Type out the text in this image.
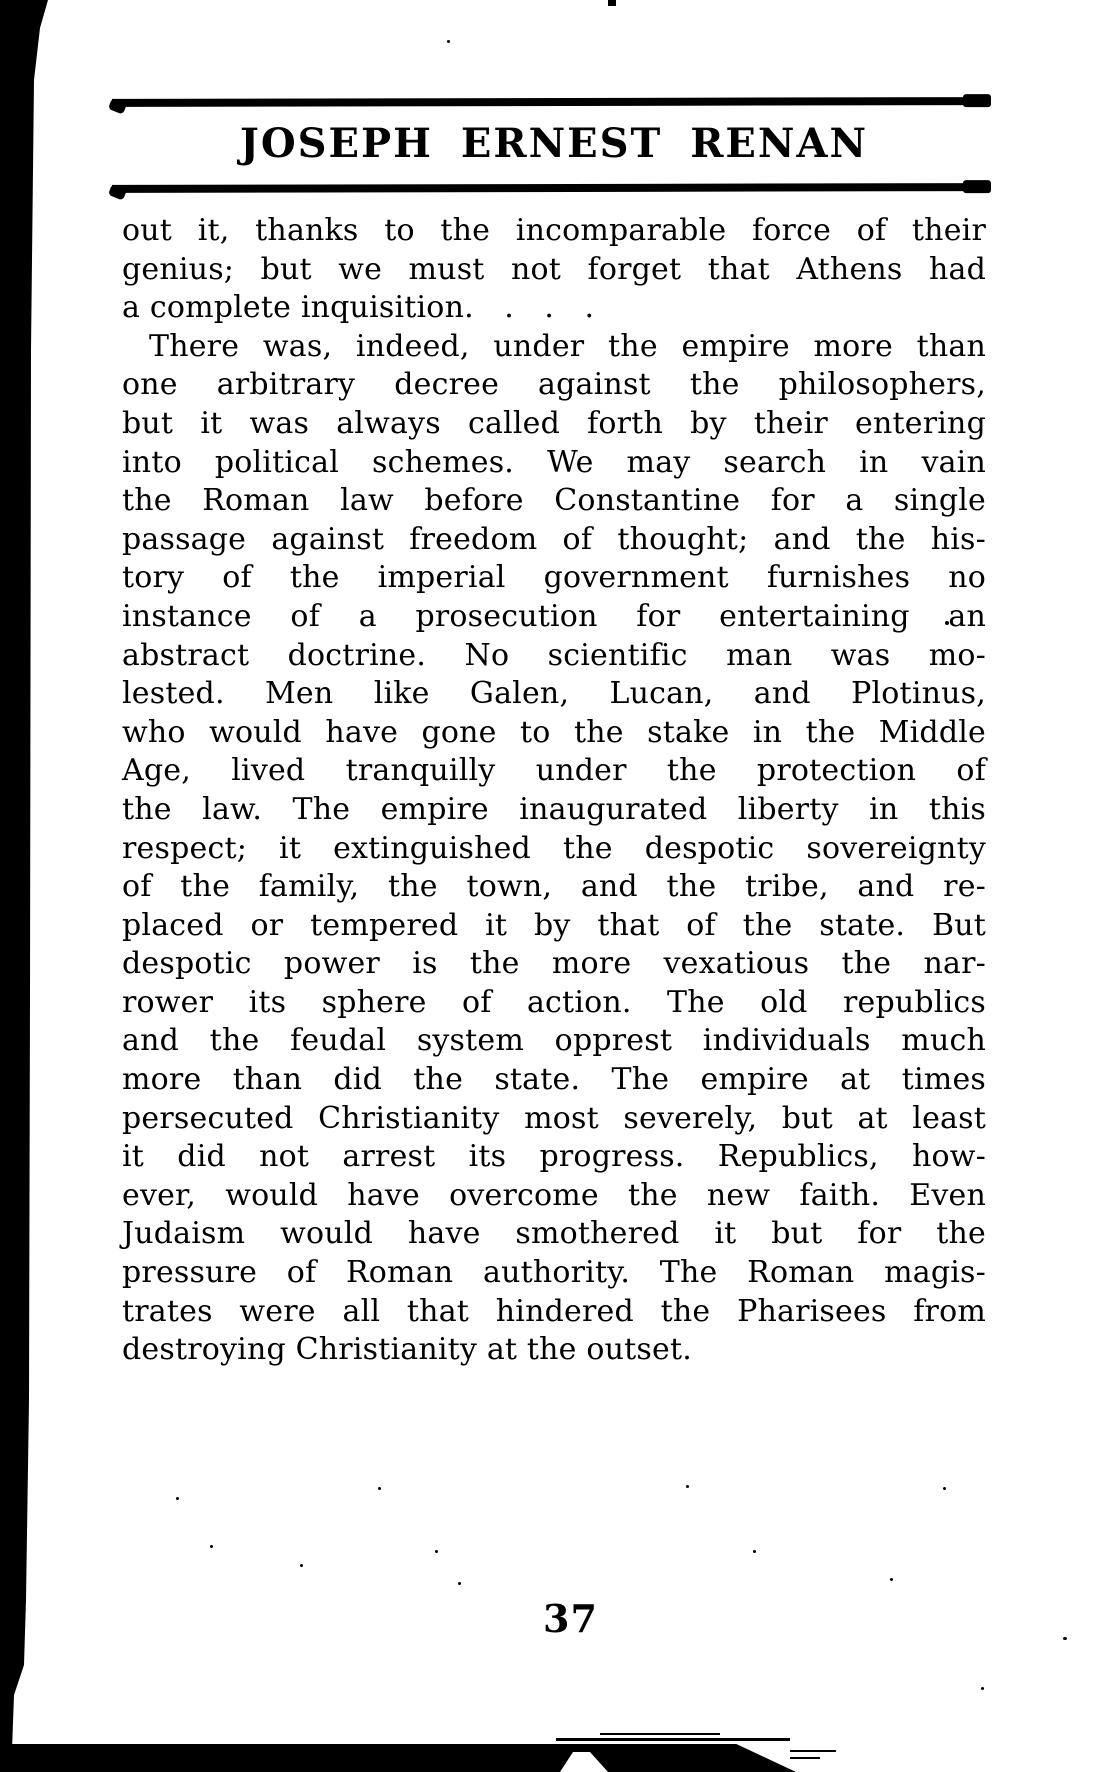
JOSEPH ERNEST RENAN
out it, thanks to the incomparable force of their
genius; but we must not forget that Athens had
a complete inquisition.  .  .  .
There was, indeed, under the empire more than
one arbitrary decree against the philosophers,
but it was always called forth by their entering
into political schemes. We may search in vain
the Roman law before Constantine for a single
passage against freedom of thought; and the his-
tory of the imperial government furnishes no
instance of a prosecution for entertaining an
abstract doctrine. No scientific man was mo-
lested. Men like Galen, Lucan, and Plotinus,
who would have gone to the stake in the Middle
Age, lived tranquilly under the protection of
the law. The empire inaugurated liberty in this
respect; it extinguished the despotic sovereignty
of the family, the town, and the tribe, and re-
placed or tempered it by that of the state. But
despotic power is the more vexatious the nar-
rower its sphere of action. The old republics
and the feudal system opprest individuals much
more than did the state. The empire at times
persecuted Christianity most severely, but at least
it did not arrest its progress. Republics, how-
ever, would have overcome the new faith. Even
Judaism would have smothered it but for the
pressure of Roman authority. The Roman magis-
trates were all that hindered the Pharisees from
destroying Christianity at the outset.
37
